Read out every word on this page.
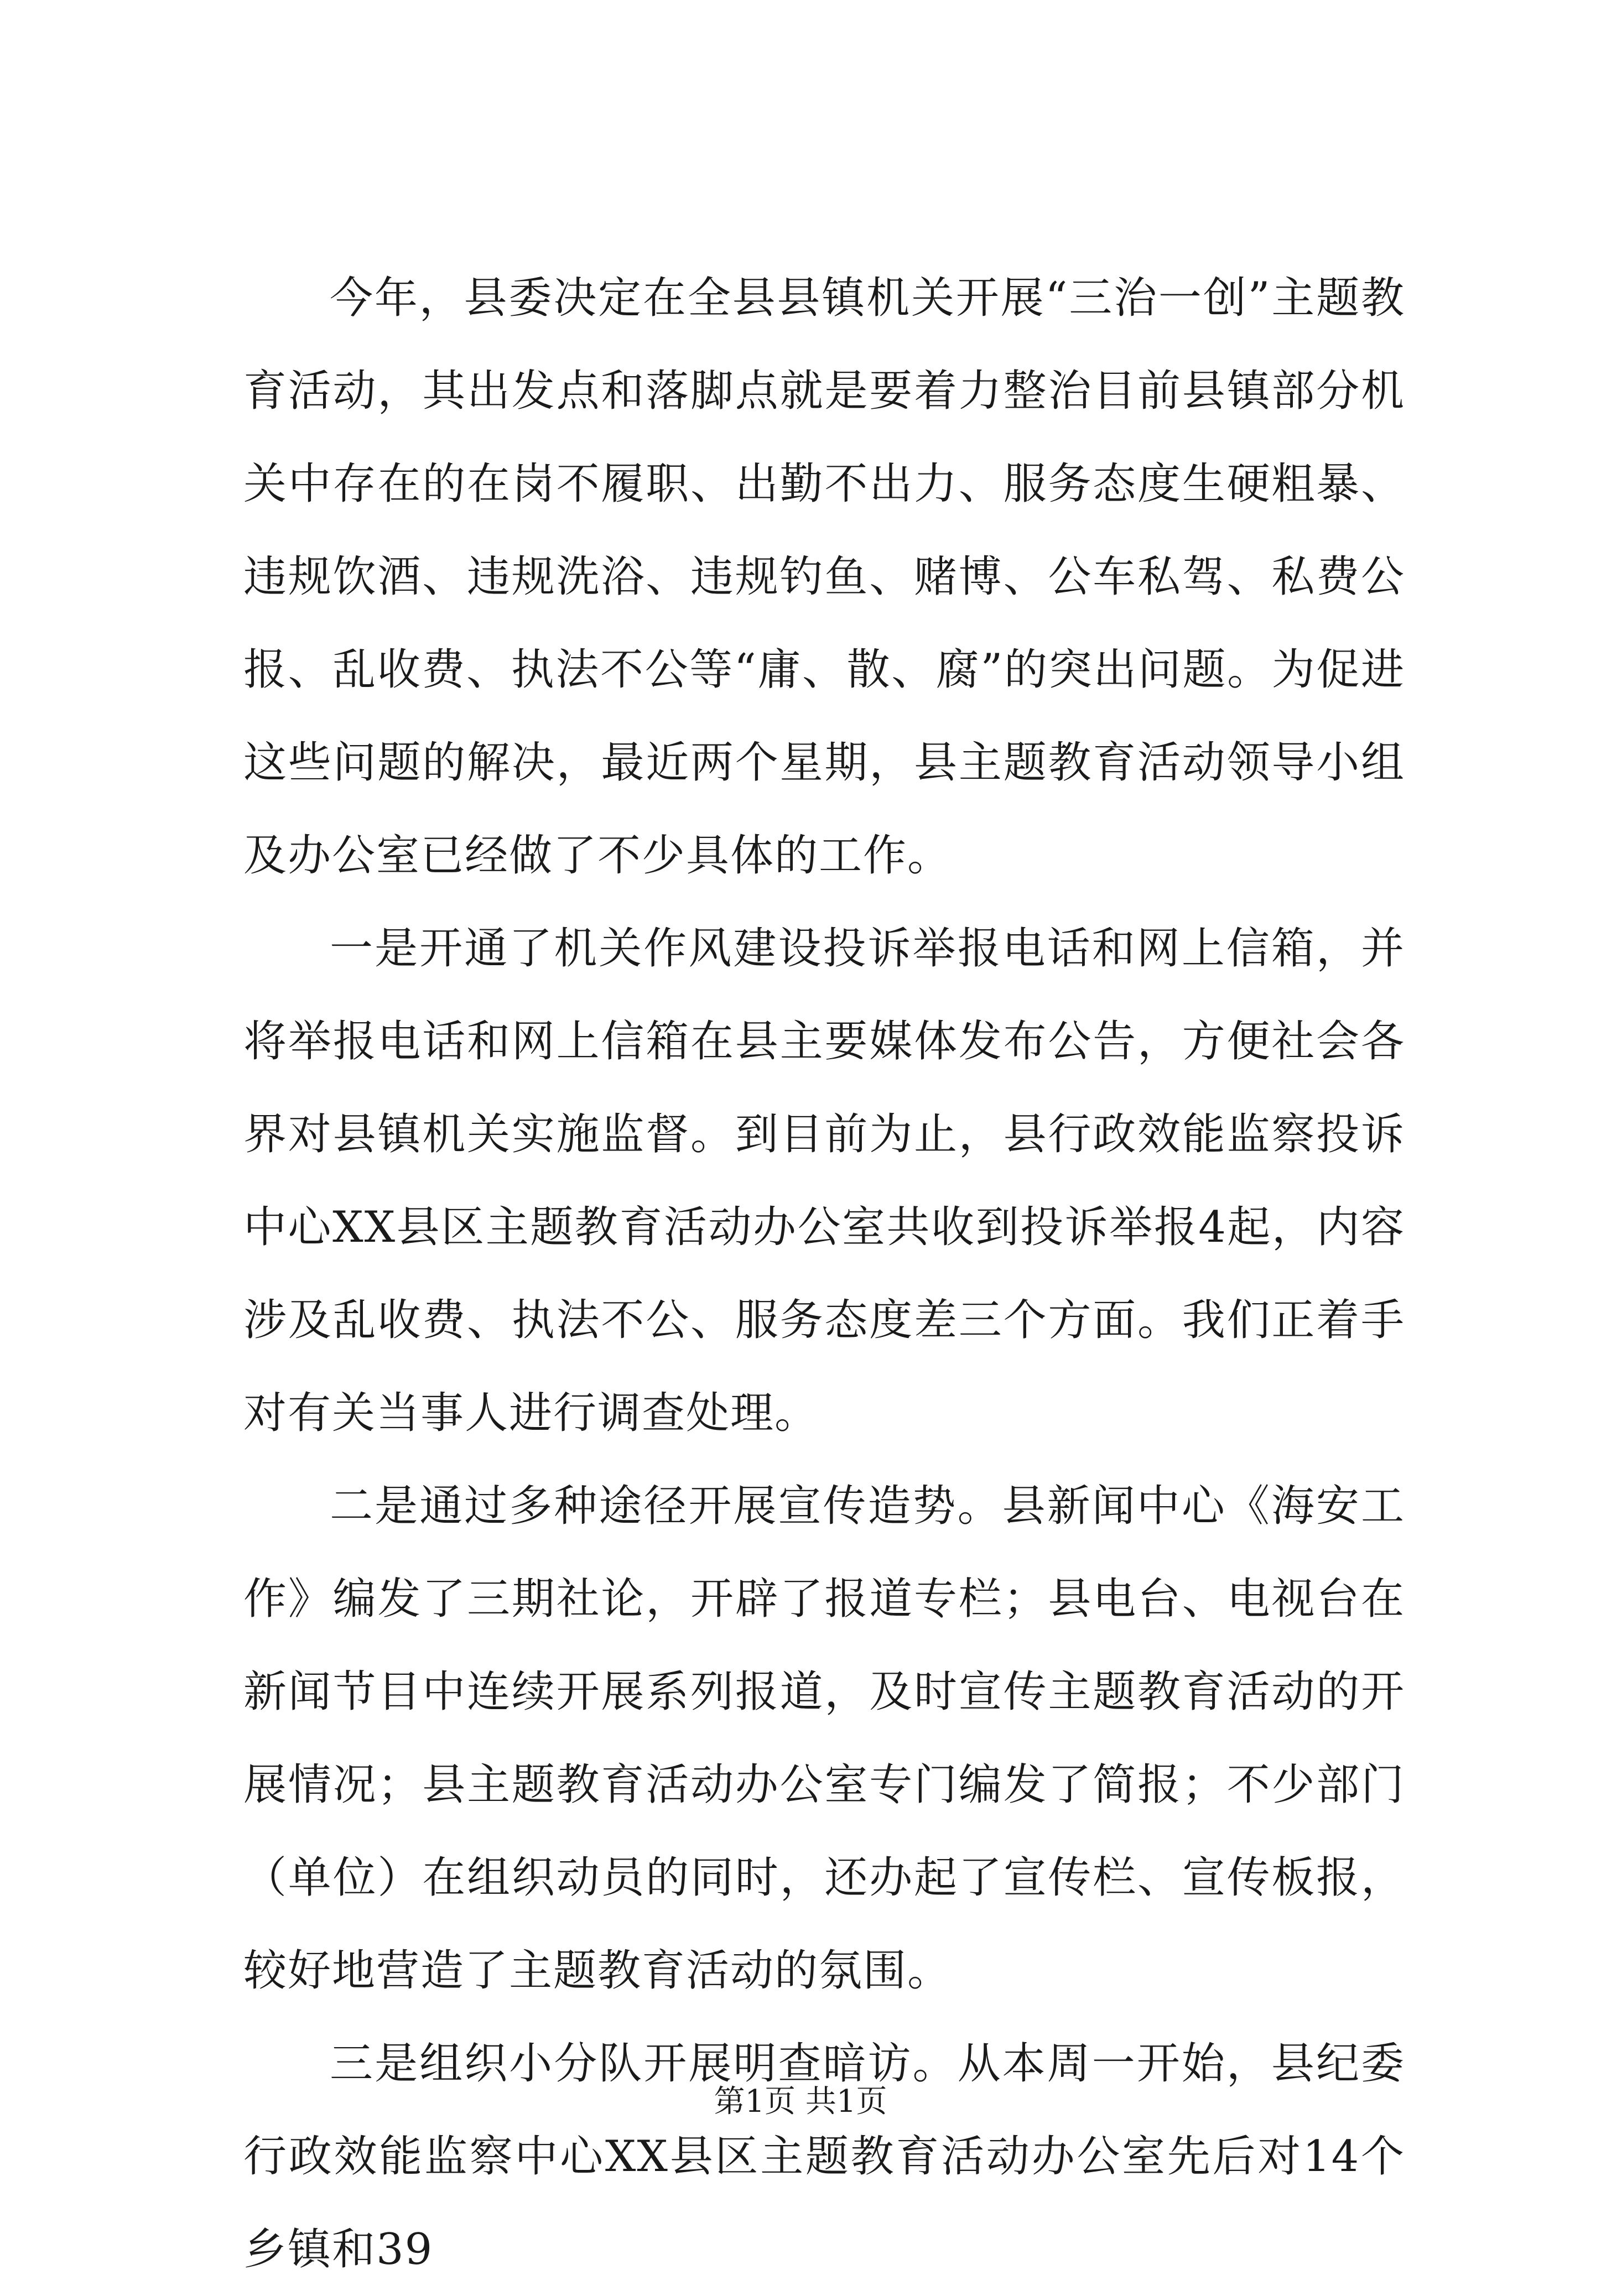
今年，县委决定在全县县镇机关开展“三治一创”主题教育活动，其出发点和落脚点就是要着力整治目前县镇部分机关中存在的在岗不履职、出勤不出力、服务态度生硬粗暴、违规饮酒、违规洗浴、违规钓鱼、赌博、公车私驾、私费公报、乱收费、执法不公等“庸、散、腐”的突出问题。为促进这些问题的解决，最近两个星期，县主题教育活动领导小组及办公室已经做了不少具体的工作。

一是开通了机关作风建设投诉举报电话和网上信箱，并将举报电话和网上信箱在县主要媒体发布公告，方便社会各界对县镇机关实施监督。到目前为止，县行政效能监察投诉中心XX县区主题教育活动办公室共收到投诉举报4起，内容涉及乱收费、执法不公、服务态度差三个方面。我们正着手对有关当事人进行调查处理。

二是通过多种途径开展宣传造势。县新闻中心《海安工作》编发了三期社论，开辟了报道专栏；县电台、电视台在新闻节目中连续开展系列报道，及时宣传主题教育活动的开展情况；县主题教育活动办公室专门编发了简报；不少部门（单位）在组织动员的同时，还办起了宣传栏、宣传板报，较好地营造了主题教育活动的氛围。

三是组织小分队开展明查暗访。从本周一开始，县纪委行政效能监察中心XX县区主题教育活动办公室先后对14个乡镇和39

第1页 共1页
